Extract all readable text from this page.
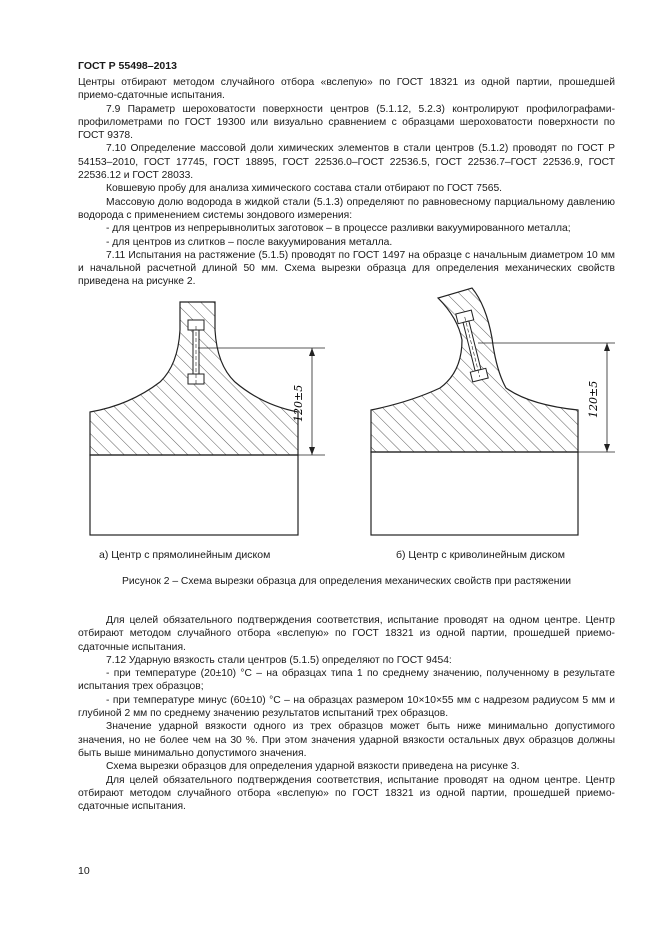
ГОСТ Р 55498–2013

Центры отбирают методом случайного отбора «вслепую» по ГОСТ 18321 из одной партии, прошедшей приемо-сдаточные испытания.

7.9 Параметр шероховатости поверхности центров (5.1.12, 5.2.3) контролируют профилографами-профилометрами по ГОСТ 19300 или визуально сравнением с образцами шероховатости поверхности по ГОСТ 9378.

7.10 Определение массовой доли химических элементов в стали центров (5.1.2) проводят по ГОСТ Р 54153–2010, ГОСТ 17745, ГОСТ 18895, ГОСТ 22536.0–ГОСТ 22536.5, ГОСТ 22536.7–ГОСТ 22536.9, ГОСТ 22536.12 и ГОСТ 28033.

Ковшевую пробу для анализа химического состава стали отбирают по ГОСТ 7565.

Массовую долю водорода в жидкой стали (5.1.3) определяют по равновесному парциальному давлению водорода с применением системы зондового измерения:

- для центров из непрерывнолитых заготовок – в процессе разливки вакуумированного металла;

- для центров из слитков – после вакуумирования металла.

7.11 Испытания на растяжение (5.1.5) проводят по ГОСТ 1497 на образце с начальным диаметром 10 мм и начальной расчетной длиной 50 мм. Схема вырезки образца для определения механических свойств приведена на рисунке 2.

120±5	120±5
а) Центр с прямолинейным диском	б) Центр с криволинейным диском
Рисунок 2 – Схема вырезки образца для определения механических свойств при растяжении

Для целей обязательного подтверждения соответствия, испытание проводят на одном центре. Центр отбирают методом случайного отбора «вслепую» по ГОСТ 18321 из одной партии, прошедшей приемо-сдаточные испытания.

7.12 Ударную вязкость стали центров (5.1.5) определяют по ГОСТ 9454:

- при температуре (20±10) °С – на образцах типа 1 по среднему значению, полученному в результате испытания трех образцов;

- при температуре минус (60±10) °С – на образцах размером 10×10×55 мм с надрезом радиусом 5 мм и глубиной 2 мм по среднему значению результатов испытаний трех образцов.

Значение ударной вязкости одного из трех образцов может быть ниже минимально допустимого значения, но не более чем на 30 %. При этом значения ударной вязкости остальных двух образцов должны быть выше минимально допустимого значения.

Схема вырезки образцов для определения ударной вязкости приведена на рисунке 3.

Для целей обязательного подтверждения соответствия, испытание проводят на одном центре. Центр отбирают методом случайного отбора «вслепую» по ГОСТ 18321 из одной партии, прошедшей приемо-сдаточные испытания.

10
